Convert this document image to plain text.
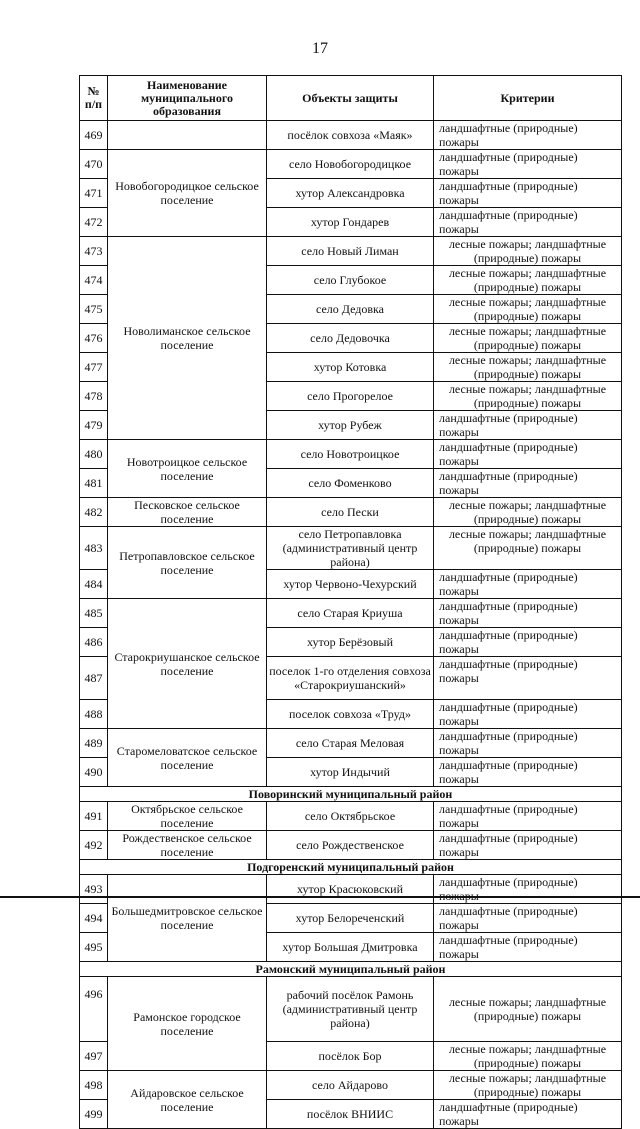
17
№ п/п	Наименование муниципального образования	Объекты защиты	Критерии
469		посёлок совхоза «Маяк»	ландшафтные (природные) пожары
470	Новобогородицкое сельское поселение	село Новобогородицкое	ландшафтные (природные) пожары
471		хутор Александровка	ландшафтные (природные) пожары
472		хутор Гондарев	ландшафтные (природные) пожары
473	Новолиманское сельское поселение	село Новый Лиман	лесные пожары; ландшафтные (природные) пожары
474		село Глубокое	лесные пожары; ландшафтные (природные) пожары
475		село Дедовка	лесные пожары; ландшафтные (природные) пожары
476		село Дедовочка	лесные пожары; ландшафтные (природные) пожары
477		хутор Котовка	лесные пожары; ландшафтные (природные) пожары
478		село Прогорелое	лесные пожары; ландшафтные (природные) пожары
479		хутор Рубеж	ландшафтные (природные) пожары
480	Новотроицкое сельское поселение	село Новотроицкое	ландшафтные (природные) пожары
481		село Фоменково	ландшафтные (природные) пожары
482	Песковское сельское поселение	село Пески	лесные пожары; ландшафтные (природные) пожары
483	Петропавловское сельское поселение	село Петропавловка (административный центр района)	лесные пожары; ландшафтные (природные) пожары
484		хутор Червоно-Чехурский	ландшафтные (природные) пожары
485	Старокриушанское сельское поселение	село Старая Криуша	ландшафтные (природные) пожары
486		хутор Берёзовый	ландшафтные (природные) пожары
487		поселок 1-го отделения совхоза «Старокриушанский»	ландшафтные (природные) пожары
488		поселок совхоза «Труд»	ландшафтные (природные) пожары
489	Старомеловатское сельское поселение	село Старая Меловая	ландшафтные (природные) пожары
490		хутор Индычий	ландшафтные (природные) пожары
Поворинский муниципальный район			
491	Октябрьское сельское поселение	село Октябрьское	ландшафтные (природные) пожары
492	Рождественское сельское поселение	село Рождественское	ландшафтные (природные) пожары
Подгоренский муниципальный район			
493	Большедмитровское сельское поселение	хутор Красюковский	ландшафтные (природные)
494		хутор Белореченский	ландшафтные (природные) пожары
495		хутор Большая Дмитровка	ландшафтные (природные) пожары
Рамонский муниципальный район			
496	Рамонское городское поселение	рабочий посёлок Рамонь (административный центр района)	лесные пожары; ландшафтные (природные) пожары
497		посёлок Бор	лесные пожары; ландшафтные (природные) пожары
498	Айдаровское сельское поселение	село Айдарово	лесные пожары; ландшафтные (природные) пожары
499		посёлок ВНИИС	ландшафтные (природные) пожары
